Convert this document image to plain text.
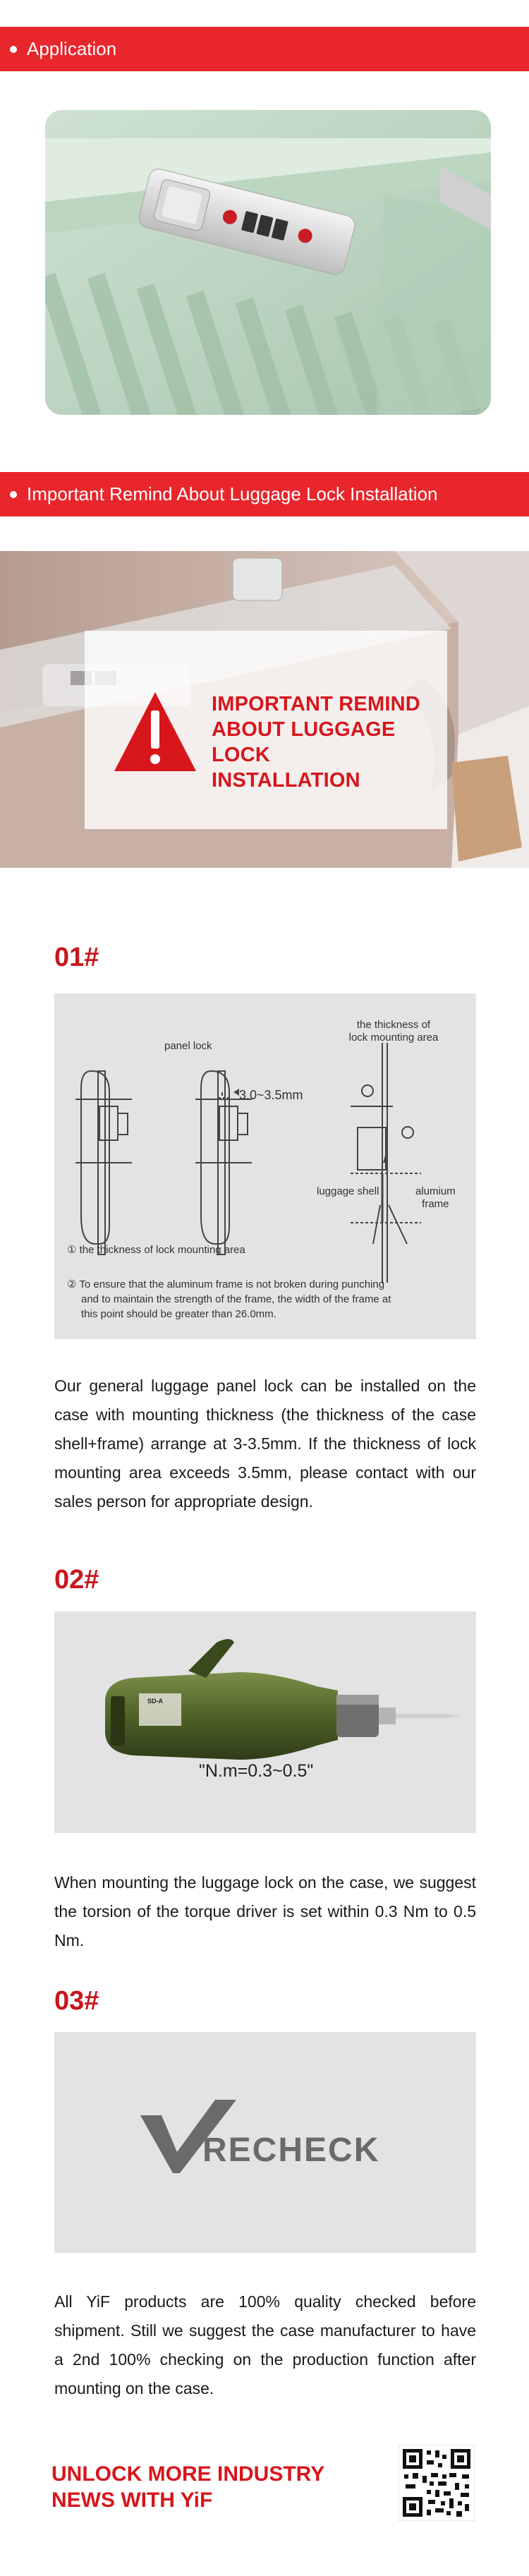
Application
Important Remind About Luggage Lock Installation
IMPORTANT REMIND
ABOUT LUGGAGE LOCK
INSTALLATION
01#
panel lock
3.0~3.5mm
the thickness of
lock mounting area
luggage shell	alumium
frame
① the thickness of lock mounting area
② To ensure that the aluminum frame is not broken during punching
and to maintain the strength of the frame, the width of the frame at
this point should be greater than 26.0mm.
Our general luggage panel lock can be installed on the case with mounting thickness (the thickness of the case shell+frame) arrange at 3-3.5mm. If the thickness of lock mounting area exceeds 3.5mm, please contact with our sales person for appropriate design.
02#
SD-A
"N.m=0.3~0.5"
When mounting the luggage lock on the case, we suggest the torsion of the torque driver is set within 0.3 Nm to 0.5 Nm.
03#
RECHECK
All YiF products are 100% quality checked before shipment. Still we suggest the case manufacturer to have a 2nd 100% checking on the production function after mounting on the case.
UNLOCK MORE INDUSTRY
NEWS WITH YiF
